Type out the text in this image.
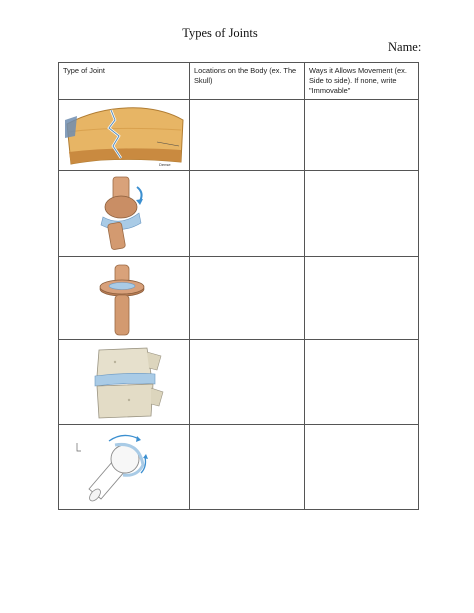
Types of Joints
Name:
Type of Joint	Locations on the Body (ex. The Skull)	Ways it Allows Movement (ex. Side to side). If none, write "Immovable"

Dense		
